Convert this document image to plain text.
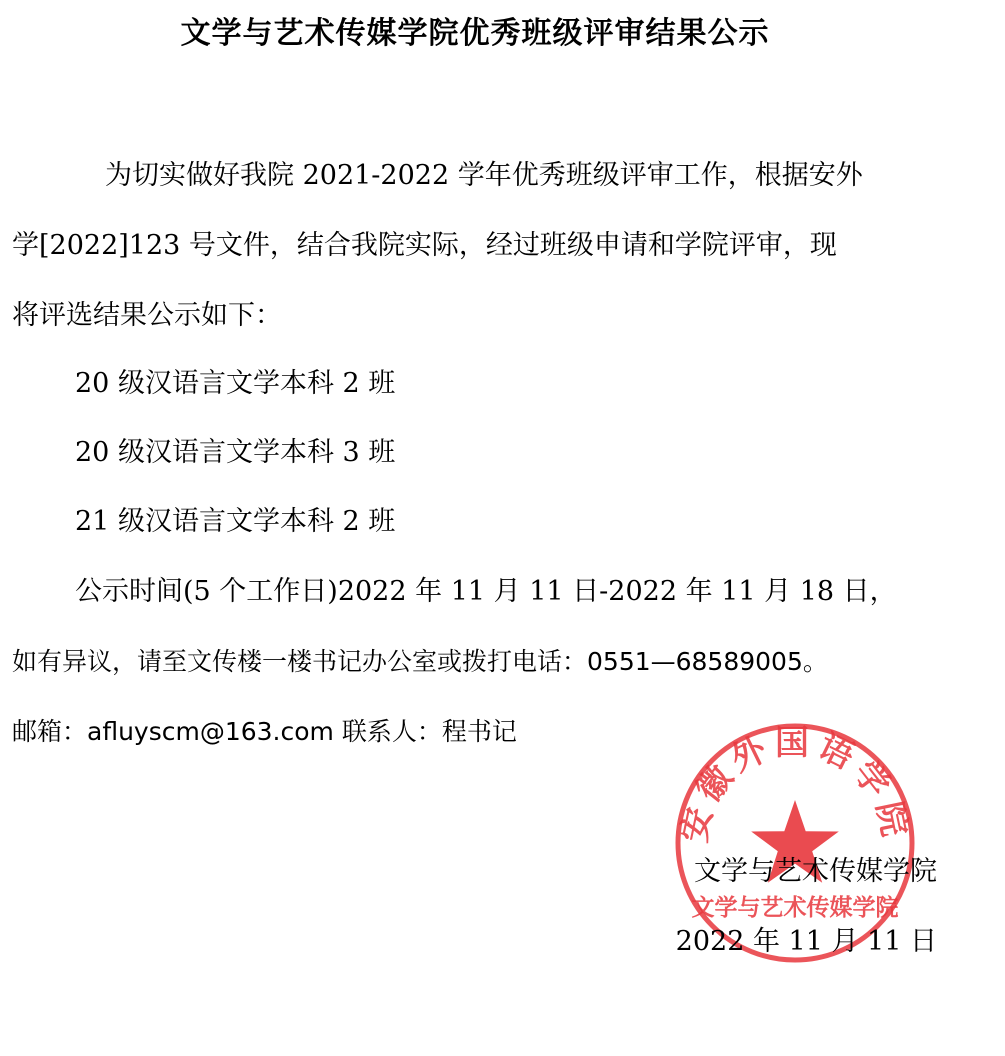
文学与艺术传媒学院优秀班级评审结果公示
为切实做好我院 2021-2022 学年优秀班级评审工作，根据安外
学[2022]123 号文件，结合我院实际，经过班级申请和学院评审，现
将评选结果公示如下：
20 级汉语言文学本科 2 班
20 级汉语言文学本科 3 班
21 级汉语言文学本科 2 班
公示时间(5 个工作日)2022 年 11 月 11 日-2022 年 11 月 18 日，
如有异议，请至文传楼一楼书记办公室或拨打电话：0551—68589005。
邮箱：afluyscm@163.com 联系人：程书记
安徽外国语学院
文学与艺术传媒学院
文学与艺术传媒学院
2022 年 11 月 11 日
